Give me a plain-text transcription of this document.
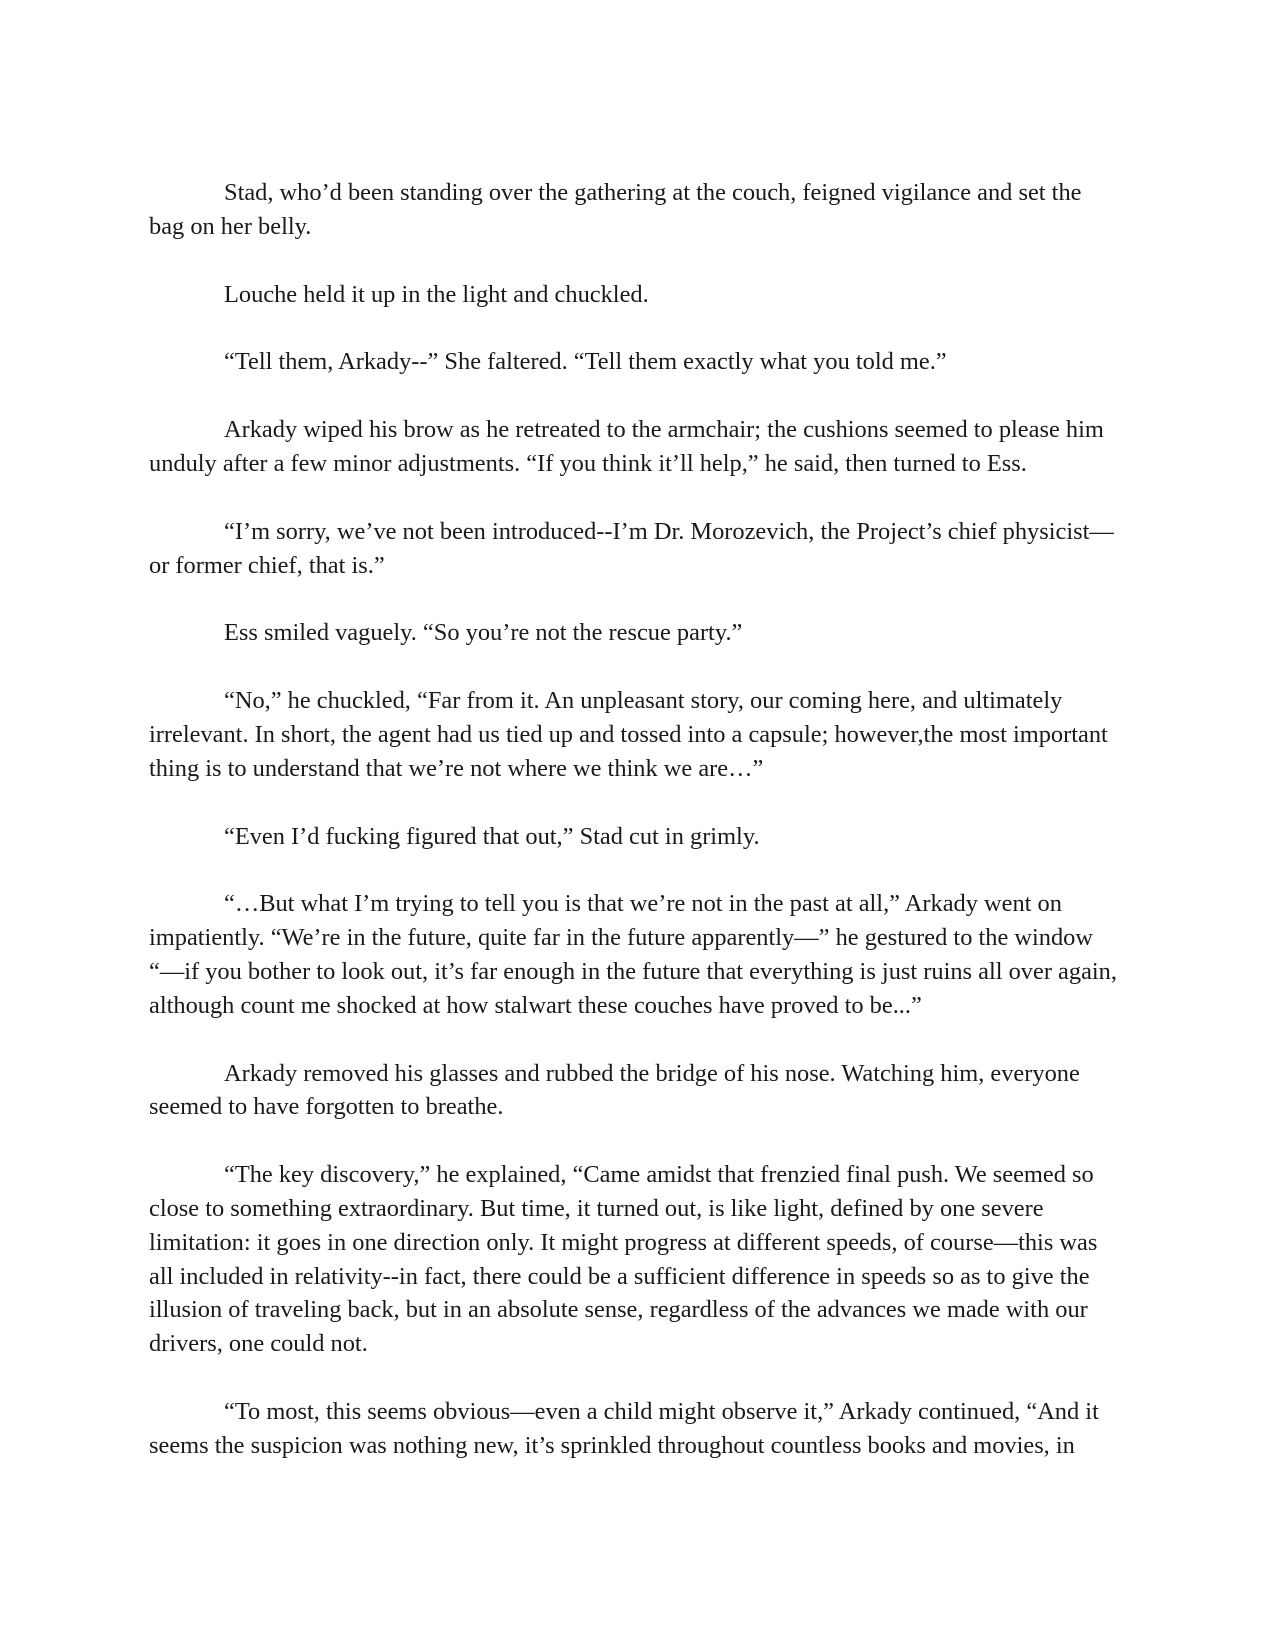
Stad, who’d been standing over the gathering at the couch, feigned vigilance and set the bag on her belly.

Louche held it up in the light and chuckled.

“Tell them, Arkady--” She faltered. “Tell them exactly what you told me.”

Arkady wiped his brow as he retreated to the armchair; the cushions seemed to please him unduly after a few minor adjustments. “If you think it’ll help,” he said, then turned to Ess.

“I’m sorry, we’ve not been introduced--I’m Dr. Morozevich, the Project’s chief physicist—or former chief, that is.”

Ess smiled vaguely. “So you’re not the rescue party.”

“No,” he chuckled, “Far from it. An unpleasant story, our coming here, and ultimately irrelevant. In short, the agent had us tied up and tossed into a capsule; however,the most important thing is to understand that we’re not where we think we are…”

“Even I’d fucking figured that out,” Stad cut in grimly.

“…But what I’m trying to tell you is that we’re not in the past at all,” Arkady went on impatiently. “We’re in the future, quite far in the future apparently—” he gestured to the window “—if you bother to look out, it’s far enough in the future that everything is just ruins all over again, although count me shocked at how stalwart these couches have proved to be...”

Arkady removed his glasses and rubbed the bridge of his nose. Watching him, everyone seemed to have forgotten to breathe.

“The key discovery,” he explained, “Came amidst that frenzied final push. We seemed so close to something extraordinary. But time, it turned out, is like light, defined by one severe limitation: it goes in one direction only. It might progress at different speeds, of course—this was all included in relativity--in fact, there could be a sufficient difference in speeds so as to give the illusion of traveling back, but in an absolute sense, regardless of the advances we made with our drivers, one could not.

“To most, this seems obvious—even a child might observe it,” Arkady continued, “And it seems the suspicion was nothing new, it’s sprinkled throughout countless books and movies, in
